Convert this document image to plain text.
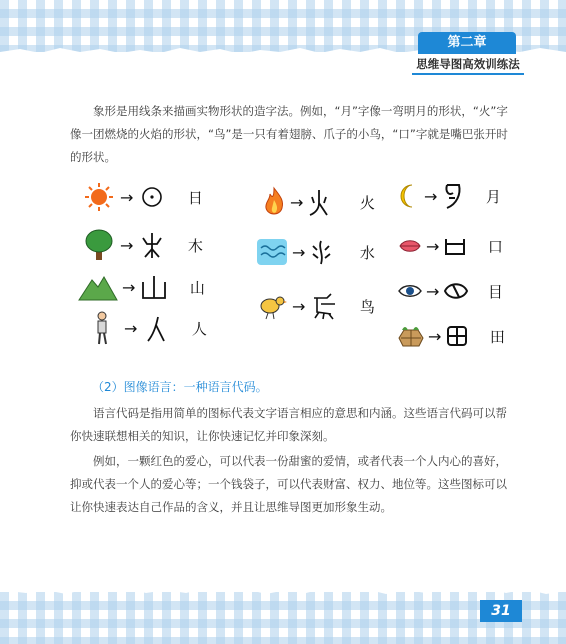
第二章
思维导图高效训练法
象形是用线条来描画实物形状的造字法。例如，“月”字像一弯明月的形状，“火”字像一团燃烧的火焰的形状，“鸟”是一只有着翅膀、爪子的小鸟，“口”字就是嘴巴张开时的形状。
→	日
→	木
→	山
→	人
→	火
→	水
→	鸟
→	月
→	口
→	目
→	田
（2）图像语言：一种语言代码。
语言代码是指用简单的图标代表文字语言相应的意思和内涵。这些语言代码可以帮你快速联想相关的知识，让你快速记忆并印象深刻。
例如，一颗红色的爱心，可以代表一份甜蜜的爱情，或者代表一个人内心的喜好，抑或代表一个人的爱心等；一个钱袋子，可以代表财富、权力、地位等。这些图标可以让你快速表达自己作品的含义，并且让思维导图更加形象生动。
31
